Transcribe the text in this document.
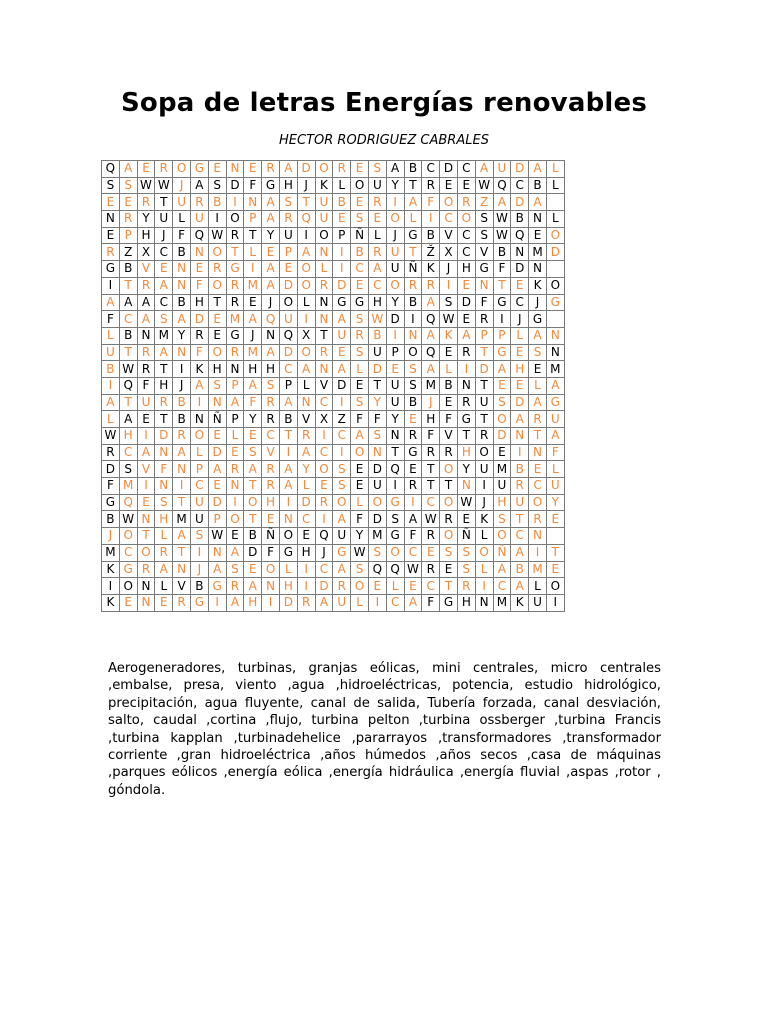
Sopa de letras Energías renovables
HECTOR RODRIGUEZ CABRALES
Q	A	E	R	O	G	E	N	E	R	A	D	O	R	E	S	A	B	C	D	C	A	U	D	A	L
S	S	W	W	J	A	S	D	F	G	H	J	K	L	O	U	Y	T	R	E	E	W	Q	C	B	L
E	E	R	T	U	R	B	I	N	A	S	T	U	B	E	R	I	A	F	O	R	Z	A	D	A	
N	R	Y	U	L	U	I	O	P	A	R	Q	U	E	S	E	O	L	I	C	O	S	W	B	N	L
E	P	H	J	F	Q	W	R	T	Y	U	I	O	P	Ñ	L	J	G	B	V	C	S	W	Q	E	O
R	Z	X	C	B	N	O	T	L	E	P	A	N	I	B	R	U	T	Ž	X	C	V	B	N	M	D
G	B	V	E	N	E	R	G	I	A	E	O	L	I	C	A	U	Ñ	K	J	H	G	F	D	N	
I	T	R	A	N	F	O	R	M	A	D	O	R	D	E	C	O	R	R	I	E	N	T	E	K	O
A	A	A	C	B	H	T	R	E	J	O	L	N	G	G	H	Y	B	A	S	D	F	G	C	J	G
F	C	A	S	A	D	E	M	A	Q	U	I	N	A	S	W	D	I	Q	W	E	R	I	J	G	
L	B	N	M	Y	R	E	G	J	N	Q	X	T	U	R	B	I	N	A	K	A	P	P	L	A	N
U	T	R	A	N	F	O	R	M	A	D	O	R	E	S	U	P	O	Q	E	R	T	G	E	S	N
B	W	R	T	I	K	H	N	H	H	C	A	N	A	L	D	E	S	A	L	I	D	A	H	E	M
I	Q	F	H	J	A	S	P	A	S	P	L	V	D	E	T	U	S	M	B	N	T	E	E	L	A
A	T	U	R	B	I	N	A	F	R	A	N	C	I	S	Y	U	B	J	E	R	U	S	D	A	G
L	A	E	T	B	N	Ñ	P	Y	R	B	V	X	Z	F	F	Y	E	H	F	G	T	O	A	R	U
W	H	I	D	R	O	E	L	E	C	T	R	I	C	A	S	N	R	F	V	T	R	D	N	T	A
R	C	A	N	A	L	D	E	S	V	I	A	C	I	O	N	T	G	R	R	H	O	E	I	N	F
D	S	V	F	N	P	A	R	A	R	A	Y	O	S	E	D	Q	E	T	O	Y	U	M	B	E	L
F	M	I	N	I	C	E	N	T	R	A	L	E	S	E	U	I	R	T	T	N	I	U	R	C	U
G	Q	E	S	T	U	D	I	O	H	I	D	R	O	L	O	G	I	C	O	W	J	H	U	O	Y
B	W	N	H	M	U	P	O	T	E	N	C	I	A	F	D	S	A	W	R	E	K	S	T	R	E
J	O	T	L	A	S	W	E	B	Ñ	O	E	Q	U	Y	M	G	F	R	O	Ñ	L	O	C	N	
M	C	O	R	T	I	N	A	D	F	G	H	J	G	W	S	O	C	E	S	S	O	Ñ	A	I	T
K	G	R	A	N	J	A	S	E	O	L	I	C	A	S	Q	Q	W	R	E	S	L	A	B	M	E
I	O	N	L	V	B	G	R	A	N	H	I	D	R	O	E	L	E	C	T	R	I	C	A	L	O
K	E	N	E	R	G	I	A	H	I	D	R	A	U	L	I	C	A	F	G	H	N	M	K	U	I
Aerogeneradores, turbinas, granjas eólicas, mini centrales, micro centrales ,embalse, presa, viento ,agua ,hidroeléctricas, potencia, estudio hidrológico, precipitación, agua fluyente, canal de salida, Tubería forzada, canal desviación, salto, caudal ,cortina ,flujo, turbina pelton ,turbina ossberger ,turbina Francis ,turbina kapplan ,turbinadehelice ,pararrayos ,transformadores ,transformador corriente ,gran hidroeléctrica ,años húmedos ,años secos ,casa de máquinas ,parques eólicos ,energía eólica ,energía hidráulica ,energía fluvial ,aspas ,rotor , góndola.
